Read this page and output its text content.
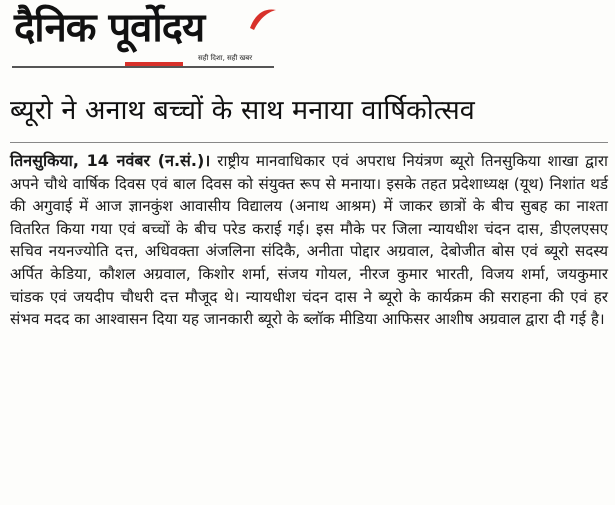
दैनिक पूर्वोदय
सही दिशा, सही खबर
ब्यूरो ने अनाथ बच्चों के साथ मनाया वार्षिकोत्सव

तिनसुकिया, 14 नवंबर (न.सं.)। राष्ट्रीय मानवाधिकार एवं अपराध नियंत्रण ब्यूरो तिनसुकिया शाखा द्वारा अपने चौथे वार्षिक दिवस एवं बाल दिवस को संयुक्त रूप से मनाया। इसके तहत प्रदेशाध्यक्ष (यूथ) निशांत थर्ड की अगुवाई में आज ज्ञानकुंश आवासीय विद्यालय (अनाथ आश्रम) में जाकर छात्रों के बीच सुबह का नाश्ता वितरित किया गया एवं बच्चों के बीच परेड कराई गई। इस मौके पर जिला न्यायधीश चंदन दास, डीएलएसए सचिव नयनज्योति दत्त, अधिवक्ता अंजलिना संदिकै, अनीता पोद्दार अग्रवाल, देबोजीत बोस एवं ब्यूरो सदस्य अर्पित केडिया, कौशल अग्रवाल, किशोर शर्मा, संजय गोयल, नीरज कुमार भारती, विजय शर्मा, जयकुमार चांडक एवं जयदीप चौधरी दत्त मौजूद थे। न्यायधीश चंदन दास ने ब्यूरो के कार्यक्रम की सराहना की एवं हर संभव मदद का आश्वासन दिया यह जानकारी ब्यूरो के ब्लॉक मीडिया आफिसर आशीष अग्रवाल द्वारा दी गई है।
